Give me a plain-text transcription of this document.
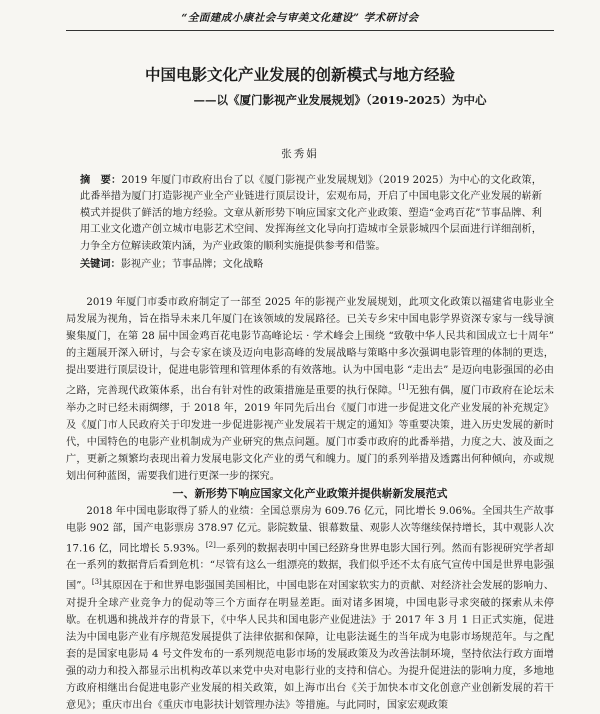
“全面建成小康社会与审美文化建设” 学术研讨会
中国电影文化产业发展的创新模式与地方经验
——以《厦门影视产业发展规划》（2019-2025）为中心
张秀娟
摘　要：2019 年厦门市政府出台了以《厦门影视产业发展规划》（2019 2025）为中心的文化政策，此番举措为厦门打造影视产业全产业链进行顶层设计，宏观布局，开启了中国电影文化产业发展的崭新模式并提供了鲜活的地方经验。文章从新形势下响应国家文化产业政策、塑造“金鸡百花”节事品牌、利用工业文化遗产创立城市电影艺术空间、发挥海丝文化导向打造城市全景影城四个层面进行详细剖析，力争全方位解读政策内涵，为产业政策的顺利实施提供参考和借鉴。
关键词：影视产业；节事品牌；文化战略

2019 年厦门市委市政府制定了一部至 2025 年的影视产业发展规划，此项文化政策以福建省电影业全局发展为视角，旨在指导未来几年厦门在该领域的发展路径。已关专乡宋中国电影学界资深专家与一线导演聚集厦门，在第 28 届中国金鸡百花电影节高峰论坛 · 学术峰会上围绕 “致敬中华人民共和国成立七十周年” 的主题展开深入研讨，与会专家在谈及迈向电影高峰的发展战略与策略中多次强调电影管理的体制的更迭，提出要进行顶层设计，促进电影管理和管理体系的有效落地。认为中国电影 “走出去” 是迈向电影强国的必由之路，完善现代政策体系，出台有针对性的政策措施是重要的执行保障。[1]无独有偶，厦门市政府在论坛未举办之时已经未雨绸缪，于 2018 年，2019 年同先后出台《厦门市进一步促进文化产业发展的补充规定》及《厦门市人民政府关于印发进一步促进影视产业发展若干规定的通知》等重要决策，进入历史发展的新时代，中国特色的电影产业机制成为产业研究的焦点问题。厦门市委市政府的此番举措，力度之大、波及面之广，更新之频繁均表现出着力发展电影文化产业的勇气和魄力。厦门的系列举措及透露出何种倾向，亦或规划出何种蓝图，需要我们进行更深一步的探究。

一、新形势下响应国家文化产业政策并提供崭新发展范式

2018 年中国电影取得了骄人的业绩：全国总票房为 609.76 亿元，同比增长 9.06%。全国共生产故事电影 902 部，国产电影票房 378.97 亿元。影院数量、银幕数量、观影人次等继续保持增长，其中观影人次 17.16 亿，同比增长 5.93%。[2]一系列的数据表明中国已经跻身世界电影大国行列。然而有影视研究学者却在一系列的数据背后看到危机：“尽管有这么一组漂亮的数据，我们似乎还不太有底气宣传中国是世界电影强国”。[3]其原因在于和世界电影强国美国相比，中国电影在对国家软实力的贡献、对经济社会发展的影响力、对提升全球产业竞争力的促动等三个方面存在明显差距。面对诸多困境，中国电影寻求突破的探索从未停歇。在机遇和挑战并存的背景下，《中华人民共和国电影产业促进法》于 2017 年 3 月 1 日正式实施，促进法为中国电影产业有序规范发展提供了法律依据和保障，让电影法诞生的当年成为电影市场规范年。与之配套的是国家电影局 4 号文件发布的一系列规范电影市场的发展政策及为改善法制环境，坚持依法行政方面增强的动力和投入都显示出机构改革以来党中央对电影行业的支持和信心。为提升促进法的影响力度，多地地方政府相继出台促进电影产业发展的相关政策，如上海市出台《关于加快本市文化创意产业创新发展的若干意见》；重庆市出台《重庆市电影扶计划管理办法》等措施。与此同时，国家宏观政策
